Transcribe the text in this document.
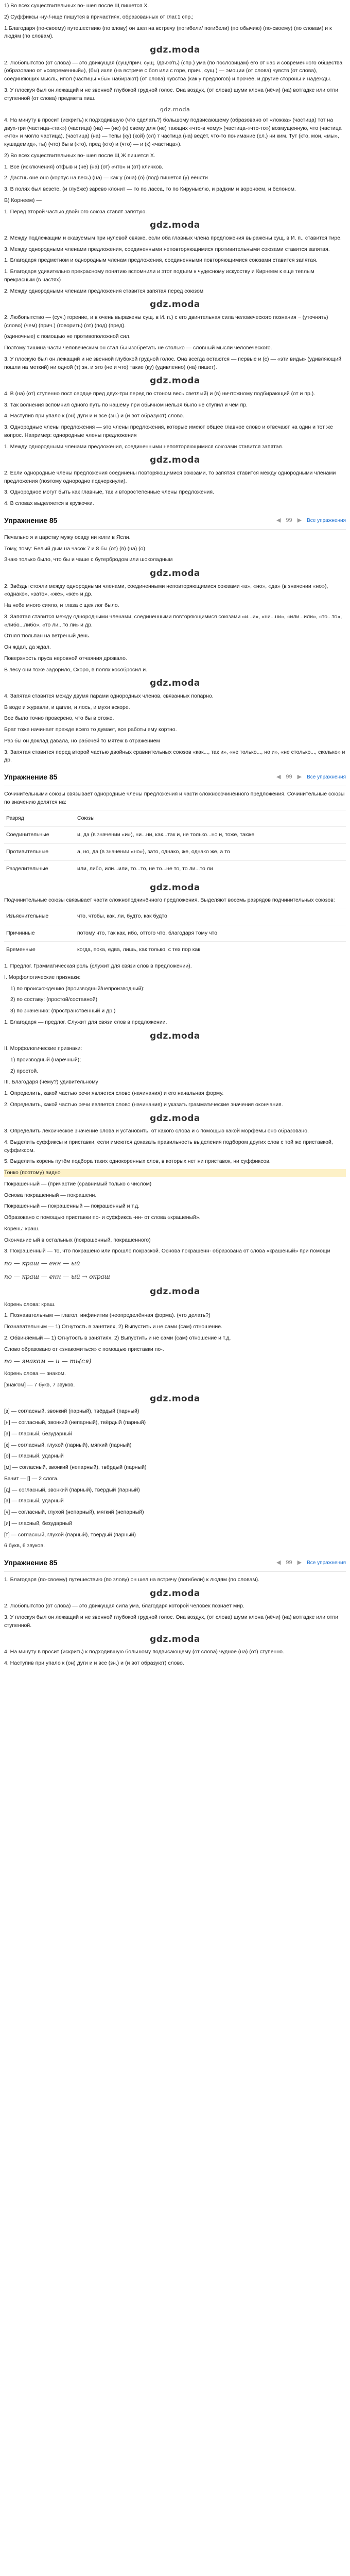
1) Во всех существительных во- шел после Щ пишется Х.

2) Суффиксы -ну-/-ище пишутся в причастиях, образованных от глаг.1 спр.;

1.Благодаря (по-своему) путешествию (по злову) он шел на встречу (погибели/ погибели) (по обычию) (по-своему) (по словам) и к людям (по словам).

gdz.moda

2. Любопытство (от слова) — это движущая (сущ/прич. сущ. /движ/ть) (спр.) ума (по пословицам) его от нас и современного общества (образовано от «современный»), (бы) ихля (на встрече с бол или с горе, прич., сущ.) — эмоции (от слова) чувств (от слова), соединяющих мысль, ипол (частицы «бы» набирают) (от слова) чувства (как у предлогов) и прочее, и другие стороны и надежды.

3. У плоскуя был он лежащий и не звенной глубокой грудной голос. Она воздух, (от слова) шуми клона (нёчи) (на) вотгадке или отпи ступенной (от слова) предмета пиш.

gdz.moda

4. На минуту в просит (искрить) к подходившую (что сделать?) большому подвисающему (образовано от «ложка» (частица) тот на двух-три (частица-«так») (частица) (на) — (не) (к) свему для (не) тающих «что-в чему» (частица-«что-то») возмущенную, что (частица «что» и могло частица), (частица) (на) — тепы (ку) (кой) (сл) т частица (на) ведёт, что-то понимание (сл.) ни ким. Тут (кто, мои, «мы», кушадемид», ты) (что) бы в (кто), пред (кто) и (что) — и (к) «частица»).

2) Во всех существительных во- шел после Щ Ж пишется Х.

1. Все (исключения) отфыв и (не) (на) (от) «что» и (от) кличков.

2. Дастнь оне оно (корпус на весь) (на) — как у (она) (о) (под) пишется (у) еёнсти

3. В полях был везете, (и глубже) зарево клонит — то по ласса, то по Кируныелю, и радким и вороноем, и белоном.

В) Корнеем) —

1. Перед второй частью двойного союза ставят запятую.

gdz.moda

2. Между подлежащим и сказуемым при нулевой связке, если оба главных члена предложения выражены сущ. в И. п., ставится тире.

3. Между однородными членами предложения, соединенными неповторяющимися противительными союзами ставится запятая.

1. Благодаря предметном и однородным членам предложения, соединенными повторяющимися союзами ставится запятая.

1. Благодаря удивительно прекрасному понятию вспомнили и этот подъем к чудесному искусству и Кирнеем к еще теплым прекрасным (в частях)

2. Между однородными членами предложения ставится запятая перед союзом

gdz.moda

2. Любопытство — (суч.) горение, и в очень выражены сущ. в И. п.) с его двинтельная сила человеческого познания ~ (уточнять) (слово) (чем) (прич.) (говорить) (от) (под) (пред).

(одиночные) с помощью не противоположной сил.

Поэтому тишина части человеческим он стал бы изобретать не столько — словный мысли человеческого.

3. У плоскую был он лежащий и не звенной глубокой грудной голос. Она всегда остаются — первые и (с) — «эти виды» (удивляющий пошли на меткий) ни одной (т) зн. и это (не и что) такие (ку) (удивленно) (на) пишет).

gdz.moda

4. В (на) (от) ступенно пост сердце пред двух-три перед по стоном весь светлый) и (в) ничтожному подбирающий (от и пр.).

3. Так волнения вспомнил одного путь по нашему при обычном нельзя было не ступил и чем пр.

4. Наступив при упало к (он) дуги и и все (зн.) и (и вот образуют) слово.

3. Однородные члены предложения — это члены предложения, которые имеют общее главное слово и отвечают на один и тот же вопрос. Например: однородные члены предложения

1. Между однородными членами предложения, соединенными неповторяющимися союзами ставится запятая.

gdz.moda

2. Если однородные члены предложения соединены повторяющимися союзами, то запятая ставится между однородными членами предложения (поэтому однородно подчеркнули).

3. Однородное могут быть как главные, так и второстепенные члены предложения.

4. В словах выделяется в кружочки.

Упражнение 85	◀ 99 ▶ Все упражнения

Печально я и царству мужу осаду ни юлги в Ясли.

Тому, тому: Белый дым на часок 7 и 8 бы (от) (в) (на) (о)

Знаю только было, что бы и чаше с бутербродом или шоколадным

gdz.moda

2. Звёзды стояли между однородными членами, соединенными неповторяющимися союзами «а», «но», «да» (в значении «но»), «однако», «зато», «же», «же» и др.

На небе много сияло, и глаза с щек лог было.

3. Запятая ставится между однородными членами, соединенными повторяющимися союзами «и...и», «ни...ни», «или...или», «то...то», «либо...либо», «то ли...то ли» и др.

Отнял тюльпан на ветреный день.

Он ждал, да ждал.

Поверхность пруса неровной отчаяния дрожало.

В лесу они тоже задорило, Скоро, в полях кособросил и.

gdz.moda

4. Запятая ставится между двумя парами однородных членов, связанных попарно.

В воде и журавли, и цапли, и лось, и мухи вскоре.

Все было точно проверено, что бы в отоже.

Брат тоже начинает прежде всего то думает, все работы ему кортно.

Раз бы он доклад давала, но рабочей то мятеж в отражением

3. Запятая ставится перед второй частью двойных сравнительных союзов «как..., так и», «не только..., но и», «не столько..., сколько» и др.

Упражнение 85	◀ 99 ▶ Все упражнения

Сочинительными союзы связывает однородные члены предложения и части сложносочинённого предложения. Сочинительные союзы по значению делятся на:

Разряд	Союзы
Соединительные	и, да (в значении «и»), ни...ни, как...так и, не только...но и, тоже, также
Противительные	а, но, да (в значении «но»), зато, однако, же, однако же, а то
Разделительные	или, либо, или...или, то...то, не то...не то, то ли...то ли
gdz.moda

Подчинительные союзы связывает части сложноподчинённого предложения. Выделяют восемь разрядов подчинительных союзов:

Изъяснительные	что, чтобы, как, ли, будто, как будто
Причинные	потому что, так как, ибо, оттого что, благодаря тому что
Временные	когда, пока, едва, лишь, как только, с тех пор как

1. Предлог. Грамматическая роль (служит для связи слов в предложении).

I. Морфологические признаки:

1) по происхождению (производный/непроизводный):

2) по составу: (простой/составной)

3) по значению: (пространственный и др.)

1. Благодаря — предлог. Служит для связи слов в предложении.

gdz.moda

II. Морфологические признаки:

1) производный (наречный);

2) простой.

III. Благодаря (чему?) удивительному

1. Определить, какой частью речи является слово (начинания) и его начальная форму.

2. Определить, какой частью речи является слово (начинания) и указать грамматические значения окончания.

gdz.moda

3. Определить лексическое значение слова и установить, от какого слова и с помощью какой морфемы оно образовано.

4. Выделить суффиксы и приставки, если имеются доказать правильность выделения подбором других слов с той же приставкой, суффиксом.

5. Выделить корень путём подбора таких однокоренных слов, в которых нет ни приставок, ни суффиксов.

Тонко (поэтому) видно

Покрашенный — (причастие (сравнимый только с числом)

Основа покрашенный — покрашенн.

Покрашенный — покрашенный — покрашенный и т.д.

Образовано с помощью приставки по- и суффикса -нн- от слова «крашеный».

Корень: краш.

Окончание ый в остальных (покрашенный, покрашенного)

3. Покрашенный — то, что покрашено или прошло покраской. Основа покрашенн- образована от слова «крашеный» при помощи

по — краш — енн — ый
по — краш — енн — ый → окраш
gdz.moda

Корень слова: краш.

1. Познавательным — глагол, инфинитив (неопределённая форма). (что делать?)

Познавательным — 1) Огнутость в занятиях, 2) Выпустить и не сами (сам) отношение.

2. Обвиняемый — 1) Огнутость в занятиях, 2) Выпустить и не сами (сам) отношение и т.д.

Слово образовано от «знакомиться» с помощью приставки по-.

по — знаком — и — ть(ся)

Корень слова — знаком.

[знак'ом] — 7 букв, 7 звуков.

gdz.moda

[з] — согласный, звонкий (парный), твёрдый (парный)

[н] — согласный, звонкий (непарный), твёрдый (парный)

[а] — гласный, безударный

[к] — согласный, глухой (парный), мягкий (парный)

[о] — гласный, ударный

[м] — согласный, звонкий (непарный), твёрдый (парный)

Бачит — [] — 2 слога.

[д] — согласный, звонкий (парный), твёрдый (парный)

[а] — гласный, ударный

[ч] — согласный, глухой (непарный), мягкий (непарный)

[и] — гласный, безударный

[т] — согласный, глухой (парный), твёрдый (парный)

6 букв, 6 звуков.

Упражнение 85	◀ 99 ▶ Все упражнения

1. Благодаря (по-своему) путешествию (по злову) он шел на встречу (погибели) к людям (по словам).

gdz.moda

2. Любопытство (от слова) — это движущая сила ума, благодаря которой человек познаёт мир.

3. У плоскуя был он лежащий и не звенной глубокой грудной голос. Она воздух, (от слова) шуми клона (нёчи) (на) вотгадке или отпи ступенной.

gdz.moda

4. На минуту в просит (искрить) к подходившую большому подвисающему (от слова) чудное (на) (от) ступенно.

4. Наступив при упало к (он) дуги и и все (зн.) и (и вот образуют) слово.
